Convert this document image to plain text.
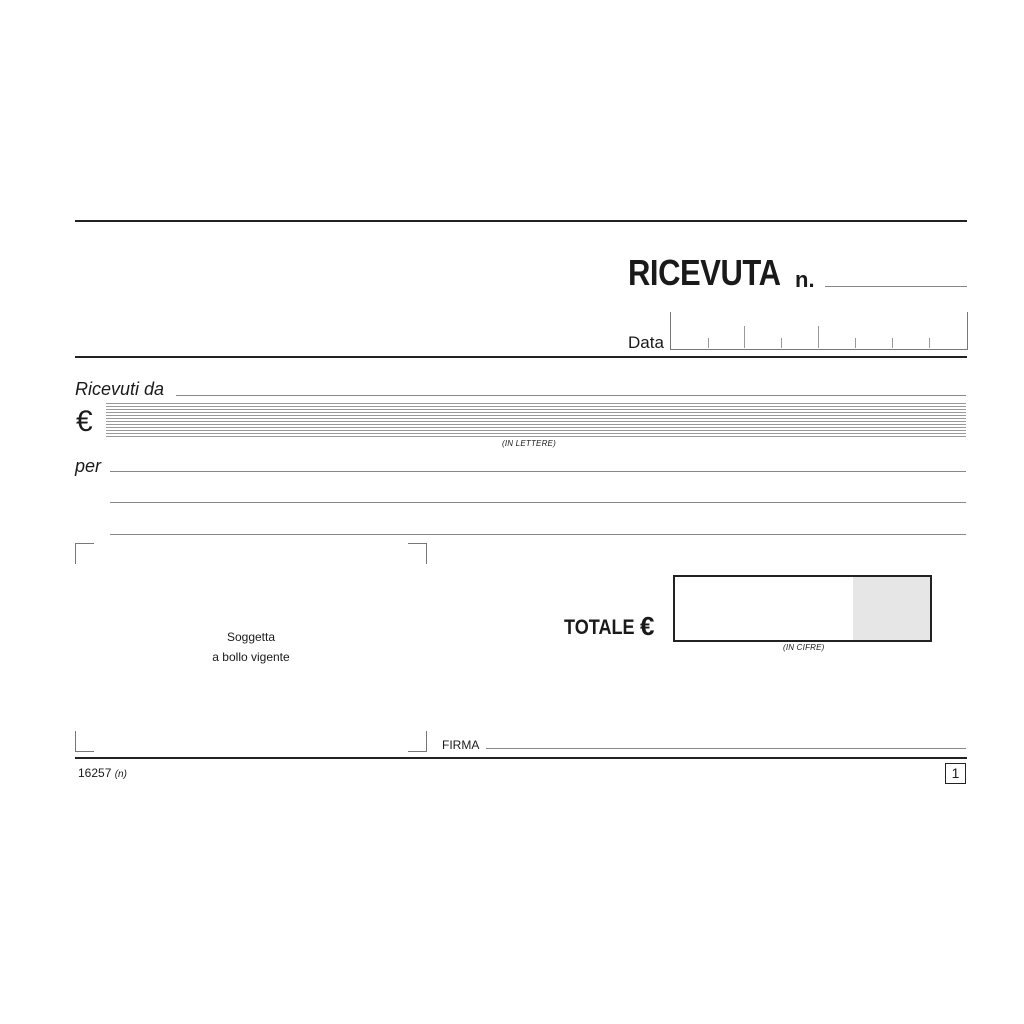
RICEVUTA n.
Data
Ricevuti da
€
(IN LETTERE)
per
Soggetta
a bollo vigente
TOTALE €
(IN CIFRE)
FIRMA
16257 (n)	1
